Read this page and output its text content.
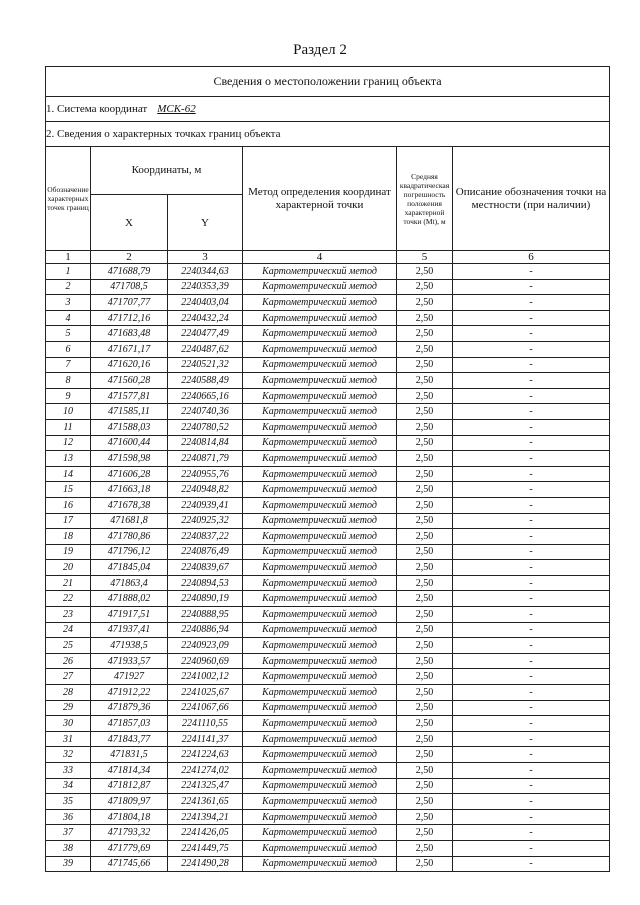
Раздел 2
Сведения о местоположении границ объекта					
1. Система координат МСК-62					
2. Сведения о характерных точках границ объекта					
Обозначение характерных точек границ	Координаты, м		Метод определения координат характерной точки	Средняя квадратическая погрешность положения характерной точки (Mt), м	Описание обозначения точки на местности (при наличии)
	X	Y			
1	2	3	4	5	6
1	471688,79	2240344,63	Картометрический метод	2,50	-
2	471708,5	2240353,39	Картометрический метод	2,50	-
3	471707,77	2240403,04	Картометрический метод	2,50	-
4	471712,16	2240432,24	Картометрический метод	2,50	-
5	471683,48	2240477,49	Картометрический метод	2,50	-
6	471671,17	2240487,62	Картометрический метод	2,50	-
7	471620,16	2240521,32	Картометрический метод	2,50	-
8	471560,28	2240588,49	Картометрический метод	2,50	-
9	471577,81	2240665,16	Картометрический метод	2,50	-
10	471585,11	2240740,36	Картометрический метод	2,50	-
11	471588,03	2240780,52	Картометрический метод	2,50	-
12	471600,44	2240814,84	Картометрический метод	2,50	-
13	471598,98	2240871,79	Картометрический метод	2,50	-
14	471606,28	2240955,76	Картометрический метод	2,50	-
15	471663,18	2240948,82	Картометрический метод	2,50	-
16	471678,38	2240939,41	Картометрический метод	2,50	-
17	471681,8	2240925,32	Картометрический метод	2,50	-
18	471780,86	2240837,22	Картометрический метод	2,50	-
19	471796,12	2240876,49	Картометрический метод	2,50	-
20	471845,04	2240839,67	Картометрический метод	2,50	-
21	471863,4	2240894,53	Картометрический метод	2,50	-
22	471888,02	2240890,19	Картометрический метод	2,50	-
23	471917,51	2240888,95	Картометрический метод	2,50	-
24	471937,41	2240886,94	Картометрический метод	2,50	-
25	471938,5	2240923,09	Картометрический метод	2,50	-
26	471933,57	2240960,69	Картометрический метод	2,50	-
27	471927	2241002,12	Картометрический метод	2,50	-
28	471912,22	2241025,67	Картометрический метод	2,50	-
29	471879,36	2241067,66	Картометрический метод	2,50	-
30	471857,03	2241110,55	Картометрический метод	2,50	-
31	471843,77	2241141,37	Картометрический метод	2,50	-
32	471831,5	2241224,63	Картометрический метод	2,50	-
33	471814,34	2241274,02	Картометрический метод	2,50	-
34	471812,87	2241325,47	Картометрический метод	2,50	-
35	471809,97	2241361,65	Картометрический метод	2,50	-
36	471804,18	2241394,21	Картометрический метод	2,50	-
37	471793,32	2241426,05	Картометрический метод	2,50	-
38	471779,69	2241449,75	Картометрический метод	2,50	-
39	471745,66	2241490,28	Картометрический метод	2,50	-
